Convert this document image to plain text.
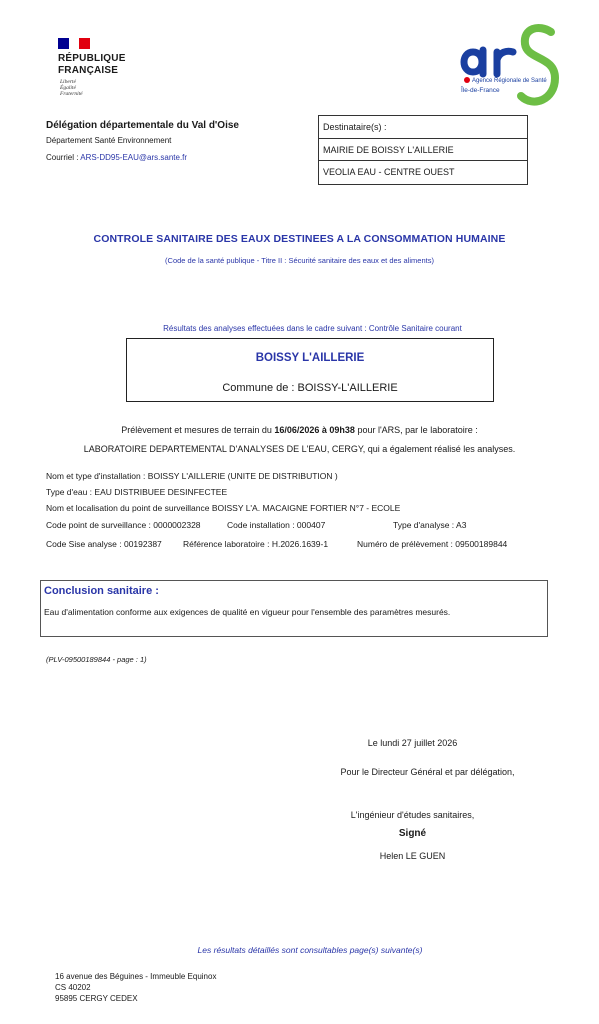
RÉPUBLIQUE
FRANÇAISE
Liberté
Égalité
Fraternité
Agence Régionale de Santé
Île-de-France
Délégation départementale du Val d'Oise
Département Santé Environnement
Courriel : ARS-DD95-EAU@ars.sante.fr
Destinataire(s) :
MAIRIE DE BOISSY L'AILLERIE
VEOLIA EAU - CENTRE OUEST
CONTROLE SANITAIRE DES EAUX DESTINEES A LA CONSOMMATION HUMAINE
(Code de la santé publique - Titre II : Sécurité sanitaire des eaux et des aliments)
Résultats des analyses effectuées dans le cadre suivant : Contrôle Sanitaire courant
BOISSY L'AILLERIE
Commune de : BOISSY-L'AILLERIE
Prélèvement et mesures de terrain du 16/06/2026 à 09h38 pour l'ARS, par le laboratoire :
LABORATOIRE DEPARTEMENTAL D'ANALYSES DE L'EAU, CERGY, qui a également réalisé les analyses.
Nom et type d'installation : BOISSY L'AILLERIE (UNITE DE DISTRIBUTION )
Type d'eau : EAU DISTRIBUEE DESINFECTEE
Nom et localisation du point de surveillance BOISSY L'A. MACAIGNE FORTIER N°7 - ECOLE
Code point de surveillance : 0000002328	Code installation : 000407	Type d'analyse : A3
Code Sise analyse : 00192387 Référence laboratoire : H.2026.1639-1	Numéro de prélèvement : 09500189844
Conclusion sanitaire :
Eau d'alimentation conforme aux exigences de qualité en vigueur pour l'ensemble des paramètres mesurés.
(PLV-09500189844 - page : 1)
Le lundi 27 juillet 2026
Pour le Directeur Général et par délégation,
L'ingénieur d'études sanitaires,
Signé
Helen LE GUEN
Les résultats détaillés sont consultables page(s) suivante(s)
16 avenue des Béguines - Immeuble Equinox
CS 40202
95895 CERGY CEDEX
